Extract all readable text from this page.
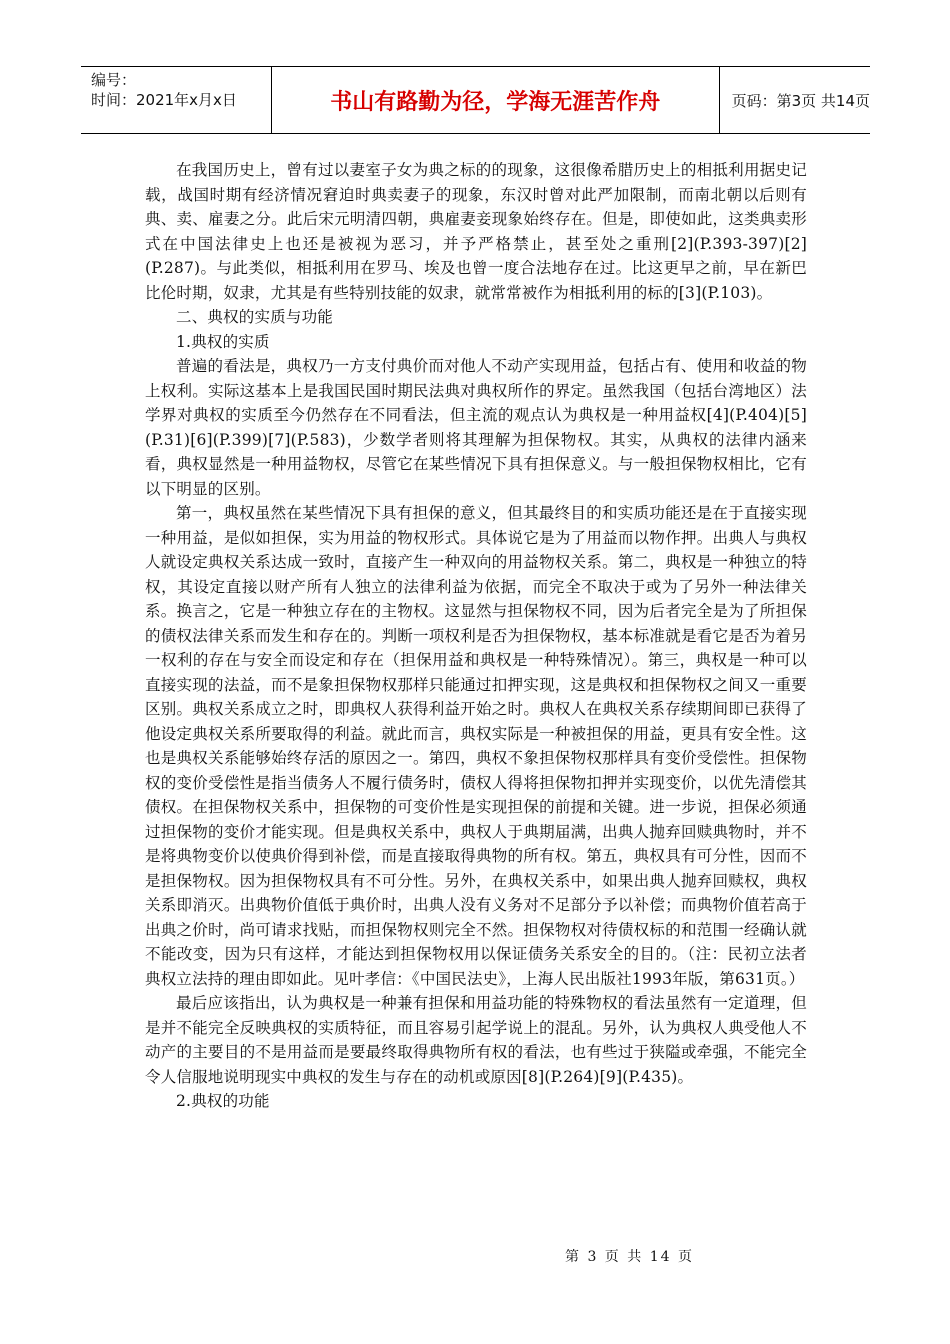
编号：
时间：2021年x月x日	书山有路勤为径，学海无涯苦作舟	页码：第3页 共14页

在我国历史上，曾有过以妻室子女为典之标的的现象，这很像希腊历史上的相抵利用据史记载，战国时期有经济情况窘迫时典卖妻子的现象，东汉时曾对此严加限制，而南北朝以后则有典、卖、雇妻之分。此后宋元明清四朝，典雇妻妾现象始终存在。但是，即使如此，这类典卖形式在中国法律史上也还是被视为恶习，并予严格禁止，甚至处之重刑[2](P.393-397)[2](P.287)。与此类似，相抵利用在罗马、埃及也曾一度合法地存在过。比这更早之前，早在新巴比伦时期，奴隶，尤其是有些特别技能的奴隶，就常常被作为相抵利用的标的[3](P.103)。

二、典权的实质与功能

1.典权的实质

普遍的看法是，典权乃一方支付典价而对他人不动产实现用益，包括占有、使用和收益的物上权利。实际这基本上是我国民国时期民法典对典权所作的界定。虽然我国（包括台湾地区）法学界对典权的实质至今仍然存在不同看法，但主流的观点认为典权是一种用益权[4](P.404)[5](P.31)[6](P.399)[7](P.583)，少数学者则将其理解为担保物权。其实，从典权的法律内涵来看，典权显然是一种用益物权，尽管它在某些情况下具有担保意义。与一般担保物权相比，它有以下明显的区别。

第一，典权虽然在某些情况下具有担保的意义，但其最终目的和实质功能还是在于直接实现一种用益，是似如担保，实为用益的物权形式。具体说它是为了用益而以物作押。出典人与典权人就设定典权关系达成一致时，直接产生一种双向的用益物权关系。第二，典权是一种独立的特权，其设定直接以财产所有人独立的法律利益为依据，而完全不取决于或为了另外一种法律关系。换言之，它是一种独立存在的主物权。这显然与担保物权不同，因为后者完全是为了所担保的债权法律关系而发生和存在的。判断一项权利是否为担保物权，基本标准就是看它是否为着另一权利的存在与安全而设定和存在（担保用益和典权是一种特殊情况）。第三，典权是一种可以直接实现的法益，而不是象担保物权那样只能通过扣押实现，这是典权和担保物权之间又一重要区别。典权关系成立之时，即典权人获得利益开始之时。典权人在典权关系存续期间即已获得了他设定典权关系所要取得的利益。就此而言，典权实际是一种被担保的用益，更具有安全性。这也是典权关系能够始终存活的原因之一。第四，典权不象担保物权那样具有变价受偿性。担保物权的变价受偿性是指当债务人不履行债务时，债权人得将担保物扣押并实现变价，以优先清偿其债权。在担保物权关系中，担保物的可变价性是实现担保的前提和关键。进一步说，担保必须通过担保物的变价才能实现。但是典权关系中，典权人于典期届满，出典人抛弃回赎典物时，并不是将典物变价以使典价得到补偿，而是直接取得典物的所有权。第五，典权具有可分性，因而不是担保物权。因为担保物权具有不可分性。另外，在典权关系中，如果出典人抛弃回赎权，典权关系即消灭。出典物价值低于典价时，出典人没有义务对不足部分予以补偿；而典物价值若高于出典之价时，尚可请求找贴，而担保物权则完全不然。担保物权对待债权标的和范围一经确认就不能改变，因为只有这样，才能达到担保物权用以保证债务关系安全的目的。（注：民初立法者典权立法持的理由即如此。见叶孝信：《中国民法史》，上海人民出版社1993年版，第631页。）

最后应该指出，认为典权是一种兼有担保和用益功能的特殊物权的看法虽然有一定道理，但是并不能完全反映典权的实质特征，而且容易引起学说上的混乱。另外，认为典权人典受他人不动产的主要目的不是用益而是要最终取得典物所有权的看法，也有些过于狭隘或牵强，不能完全令人信服地说明现实中典权的发生与存在的动机或原因[8](P.264)[9](P.435)。

2.典权的功能

第 3 页 共 14 页
